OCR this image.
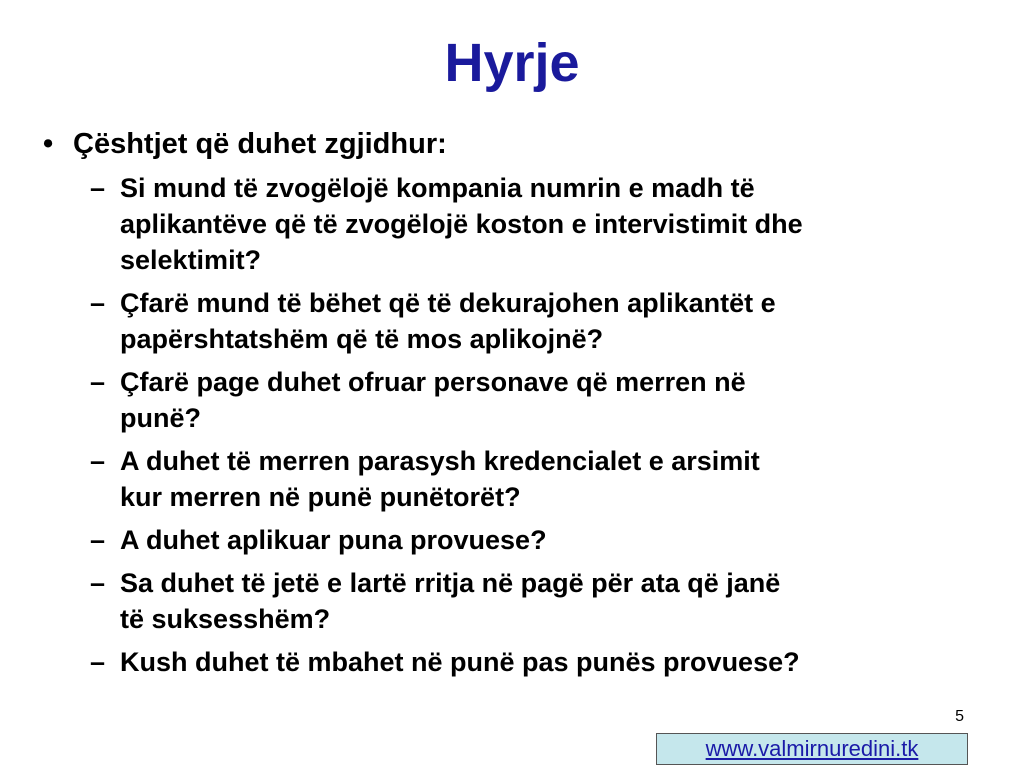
Hyrje
• Çështjet që duhet zgjidhur:
– Si mund të zvogëlojë kompania numrin e madh të
aplikantëve që të zvogëlojë koston e intervistimit dhe
selektimit?
– Çfarë mund të bëhet që të dekurajohen aplikantët e
papërshtatshëm që të mos aplikojnë?
– Çfarë page duhet ofruar personave që merren në
punë?
– A duhet të merren parasysh kredencialet e arsimit
kur merren në punë punëtorët?
– A duhet aplikuar puna provuese?
– Sa duhet të jetë e lartë rritja në pagë për ata që janë
të suksesshëm?
– Kush duhet të mbahet në punë pas punës provuese?
5
www.valmirnuredini.tk
